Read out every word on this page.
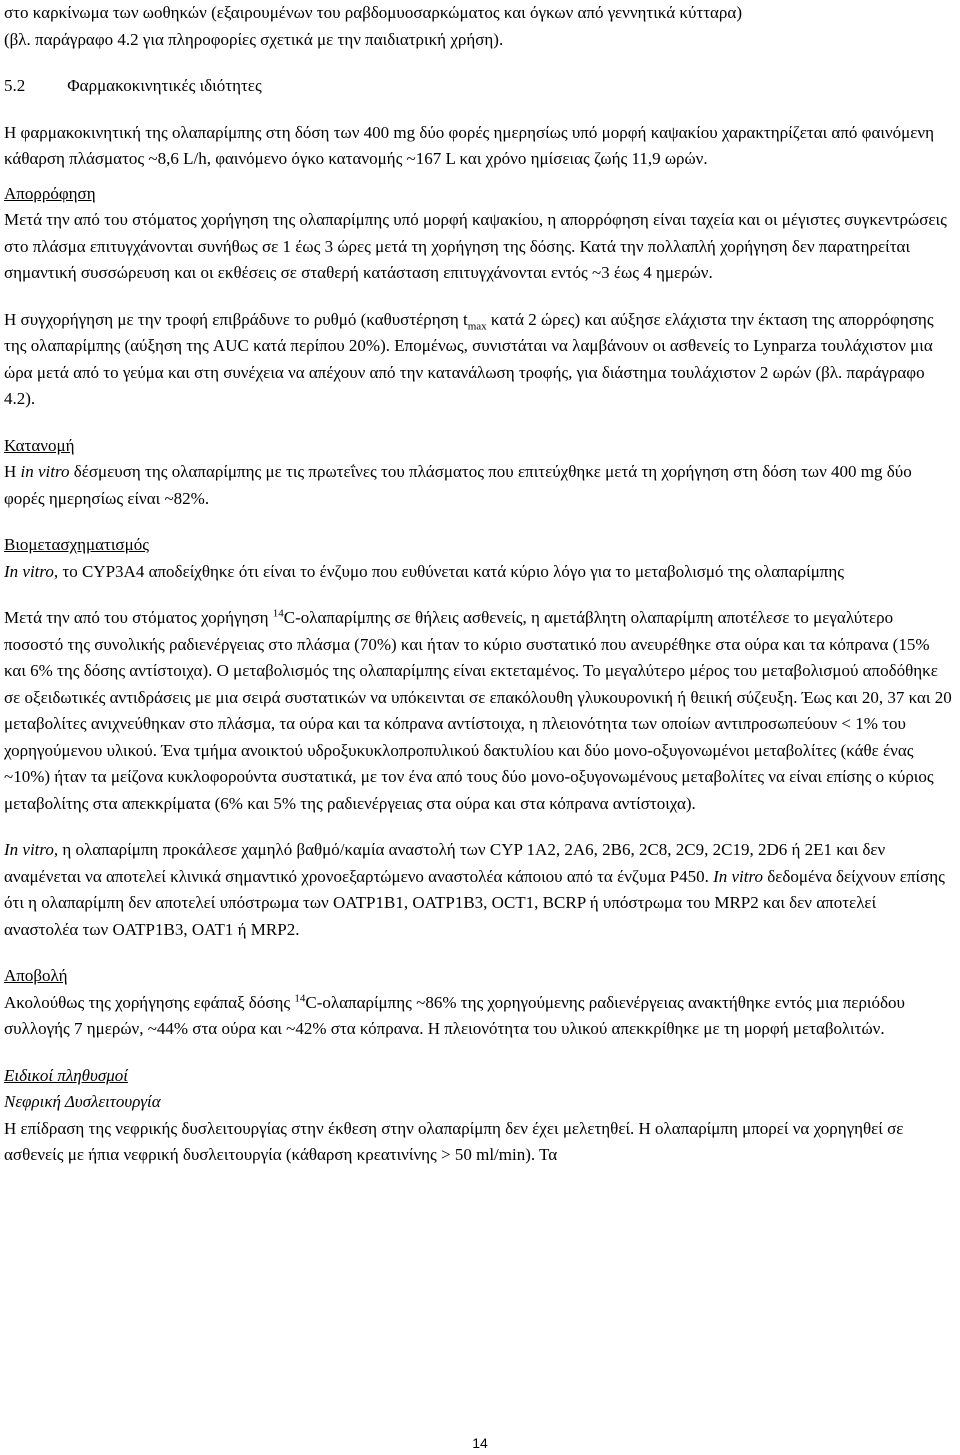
στο καρκίνωμα των ωοθηκών (εξαιρουμένων του ραβδομυοσαρκώματος και όγκων από γεννητικά κύτταρα)
(βλ. παράγραφο 4.2 για πληροφορίες σχετικά με την παιδιατρική χρήση).

5.2 Φαρμακοκινητικές ιδιότητες

Η φαρμακοκινητική της ολαπαρίμπης στη δόση των 400 mg δύο φορές ημερησίως υπό μορφή καψακίου χαρακτηρίζεται από φαινόμενη κάθαρση πλάσματος ~8,6 L/h, φαινόμενο όγκο κατανομής ~167 L και χρόνο ημίσειας ζωής 11,9 ωρών.

Απορρόφηση

Μετά την από του στόματος χορήγηση της ολαπαρίμπης υπό μορφή καψακίου, η απορρόφηση είναι ταχεία και οι μέγιστες συγκεντρώσεις στο πλάσμα επιτυγχάνονται συνήθως σε 1 έως 3 ώρες μετά τη χορήγηση της δόσης. Κατά την πολλαπλή χορήγηση δεν παρατηρείται σημαντική συσσώρευση και οι εκθέσεις σε σταθερή κατάσταση επιτυγχάνονται εντός ~3 έως 4 ημερών.

Η συγχορήγηση με την τροφή επιβράδυνε το ρυθμό (καθυστέρηση $t_{max}$ κατά 2 ώρες) και αύξησε ελάχιστα την έκταση της απορρόφησης της ολαπαρίμπης (αύξηση της AUC κατά περίπου 20%). Επομένως, συνιστάται να λαμβάνουν οι ασθενείς το Lynparza τουλάχιστον μια ώρα μετά από το γεύμα και στη συνέχεια να απέχουν από την κατανάλωση τροφής, για διάστημα τουλάχιστον 2 ωρών (βλ. παράγραφο 4.2).

Κατανομή

Η in vitro δέσμευση της ολαπαρίμπης με τις πρωτεΐνες του πλάσματος που επιτεύχθηκε μετά τη χορήγηση στη δόση των 400 mg δύο φορές ημερησίως είναι ~82%.

Βιομετασχηματισμός

In vitro, το CYP3A4 αποδείχθηκε ότι είναι το ένζυμο που ευθύνεται κατά κύριο λόγο για το μεταβολισμό της ολαπαρίμπης

Μετά την από του στόματος χορήγηση $^{14}$C-ολαπαρίμπης σε θήλεις ασθενείς, η αμετάβλητη ολαπαρίμπη αποτέλεσε το μεγαλύτερο ποσοστό της συνολικής ραδιενέργειας στο πλάσμα (70%) και ήταν το κύριο συστατικό που ανευρέθηκε στα ούρα και τα κόπρανα (15% και 6% της δόσης αντίστοιχα). Ο μεταβολισμός της ολαπαρίμπης είναι εκτεταμένος. Το μεγαλύτερο μέρος του μεταβολισμού αποδόθηκε σε οξειδωτικές αντιδράσεις με μια σειρά συστατικών να υπόκεινται σε επακόλουθη γλυκουρονική ή θειική σύζευξη. Έως και 20, 37 και 20 μεταβολίτες ανιχνεύθηκαν στο πλάσμα, τα ούρα και τα κόπρανα αντίστοιχα, η πλειονότητα των οποίων αντιπροσωπεύουν < 1% του χορηγούμενου υλικού. Ένα τμήμα ανοικτού υδροξυκυκλοπροπυλικού δακτυλίου και δύο μονο-οξυγονωμένοι μεταβολίτες (κάθε ένας ~10%) ήταν τα μείζονα κυκλοφορούντα συστατικά, με τον ένα από τους δύο μονο-οξυγονωμένους μεταβολίτες να είναι επίσης ο κύριος μεταβολίτης στα απεκκρίματα (6% και 5% της ραδιενέργειας στα ούρα και στα κόπρανα αντίστοιχα).

In vitro, η ολαπαρίμπη προκάλεσε χαμηλό βαθμό/καμία αναστολή των CYP 1A2, 2A6, 2B6, 2C8, 2C9, 2C19, 2D6 ή 2E1 και δεν αναμένεται να αποτελεί κλινικά σημαντικό χρονοεξαρτώμενο αναστολέα κάποιου από τα ένζυμα P450. In vitro δεδομένα δείχνουν επίσης ότι η ολαπαρίμπη δεν αποτελεί υπόστρωμα των OATP1B1, OATP1B3, OCT1, BCRP ή υπόστρωμα του MRP2 και δεν αποτελεί αναστολέα των OATP1B3, OAT1 ή MRP2.

Αποβολή

Ακολούθως της χορήγησης εφάπαξ δόσης $^{14}$C-ολαπαρίμπης ~86% της χορηγούμενης ραδιενέργειας ανακτήθηκε εντός μια περιόδου συλλογής 7 ημερών, ~44% στα ούρα και ~42% στα κόπρανα. Η πλειονότητα του υλικού απεκκρίθηκε με τη μορφή μεταβολιτών.

Ειδικοί πληθυσμοί

Νεφρική Δυσλειτουργία

Η επίδραση της νεφρικής δυσλειτουργίας στην έκθεση στην ολαπαρίμπη δεν έχει μελετηθεί. Η ολαπαρίμπη μπορεί να χορηγηθεί σε ασθενείς με ήπια νεφρική δυσλειτουργία (κάθαρση κρεατινίνης > 50 ml/min). Τα

14
